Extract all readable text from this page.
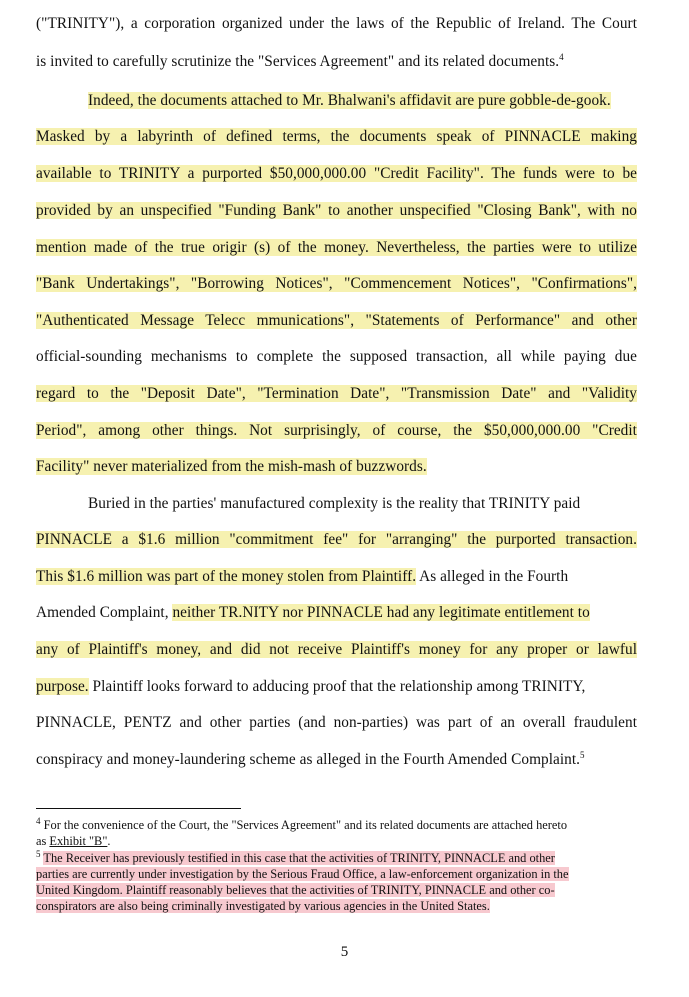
("TRINITY"), a corporation organized under the laws of the Republic of Ireland. The Court
is invited to carefully scrutinize the "Services Agreement" and its related documents.$^4$
Indeed, the documents attached to Mr. Bhalwani's affidavit are pure gobble-de-gook.
Masked by a labyrinth of defined terms, the documents speak of PINNACLE making
available to TRINITY a purported $50,000,000.00 "Credit Facility". The funds were to be
provided by an unspecified "Funding Bank" to another unspecified "Closing Bank", with no
mention made of the true origir (s) of the money. Nevertheless, the parties were to utilize
"Bank Undertakings", "Borrowing Notices", "Commencement Notices", "Confirmations",
"Authenticated Message Telecc mmunications", "Statements of Performance" and other
official-sounding mechanisms to complete the supposed transaction, all while paying due
regard to the "Deposit Date", "Termination Date", "Transmission Date" and "Validity
Period", among other things. Not surprisingly, of course, the $50,000,000.00 "Credit
Facility" never materialized from the mish-mash of buzzwords.
Buried in the parties' manufactured complexity is the reality that TRINITY paid
PINNACLE a $1.6 million "commitment fee" for "arranging" the purported transaction.
This $1.6 million was part of the money stolen from Plaintiff. As alleged in the Fourth
Amended Complaint, neither TR.NITY nor PINNACLE had any legitimate entitlement to
any of Plaintiff's money, and did not receive Plaintiff's money for any proper or lawful
purpose. Plaintiff looks forward to adducing proof that the relationship among TRINITY,
PINNACLE, PENTZ and other parties (and non-parties) was part of an overall fraudulent
conspiracy and money-laundering scheme as alleged in the Fourth Amended Complaint.$^5$
$^4$ For the convenience of the Court, the "Services Agreement" and its related documents are attached hereto
as Exhibit "B".
$^5$ The Receiver has previously testified in this case that the activities of TRINITY, PINNACLE and other
parties are currently under investigation by the Serious Fraud Office, a law-enforcement organization in the
United Kingdom. Plaintiff reasonably believes that the activities of TRINITY, PINNACLE and other co-
conspirators are also being criminally investigated by various agencies in the United States.
5
